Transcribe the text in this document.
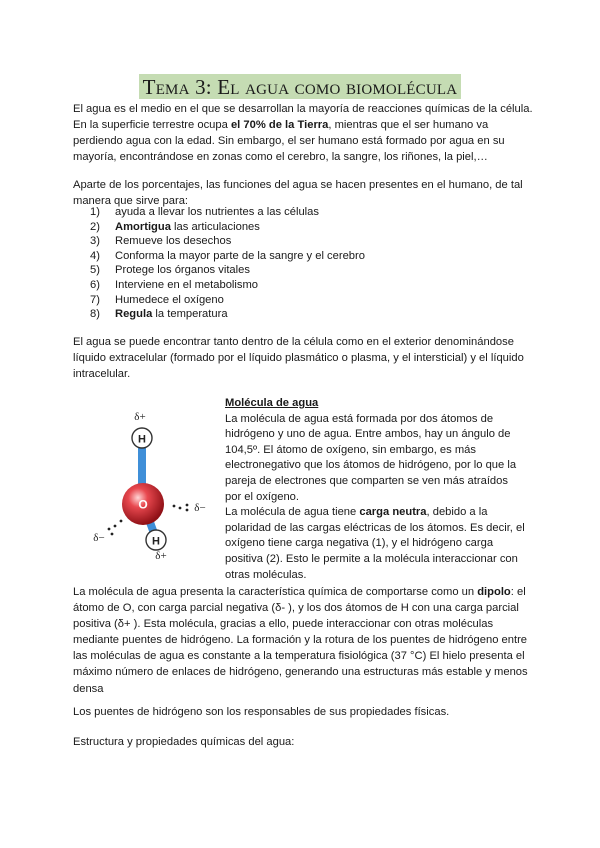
Tema 3: El agua como biomolécula

El agua es el medio en el que se desarrollan la mayoría de reacciones químicas de la célula. En la superficie terrestre ocupa el 70% de la Tierra, mientras que el ser humano va perdiendo agua con la edad. Sin embargo, el ser humano está formado por agua en su mayoría, encontrándose en zonas como el cerebro, la sangre, los riñones, la piel,…

Aparte de los porcentajes, las funciones del agua se hacen presentes en el humano, de tal manera que sirve para:

1) ayuda a llevar los nutrientes a las células
2) Amortigua las articulaciones
3) Remueve los desechos
4) Conforma la mayor parte de la sangre y el cerebro
5) Protege los órganos vitales
6) Interviene en el metabolismo
7) Humedece el oxígeno
8) Regula la temperatura

El agua se puede encontrar tanto dentro de la célula como en el exterior denominándose líquido extracelular (formado por el líquido plasmático o plasma, y el intersticial) y el líquido intracelular.

H
O
H
δ+
δ−
δ−
δ+
Molécula de agua
La molécula de agua está formada por dos átomos de hidrógeno y uno de agua. Entre ambos, hay un ángulo de 104,5º. El átomo de oxígeno, sin embargo, es más electronegativo que los átomos de hidrógeno, por lo que la pareja de electrones que comparten se ven más atraídos por el oxígeno.
La molécula de agua tiene carga neutra, debido a la polaridad de las cargas eléctricas de los átomos. Es decir, el oxígeno tiene carga negativa (1), y el hidrógeno carga positiva (2). Esto le permite a la molécula interaccionar con otras moléculas.

La molécula de agua presenta la característica química de comportarse como un dipolo: el átomo de O, con carga parcial negativa (δ- ), y los dos átomos de H con una carga parcial positiva (δ+ ). Esta molécula, gracias a ello, puede interaccionar con otras moléculas mediante puentes de hidrógeno. La formación y la rotura de los puentes de hidrógeno entre las moléculas de agua es constante a la temperatura fisiológica (37 °C) El hielo presenta el máximo número de enlaces de hidrógeno, generando una estructuras más estable y menos densa

Los puentes de hidrógeno son los responsables de sus propiedades físicas.

Estructura y propiedades químicas del agua:
